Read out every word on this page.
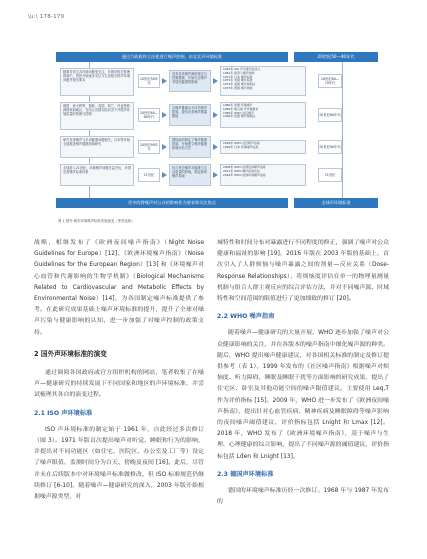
\u:\ 178-179
通过行政机构立法促进行噪声控制，东北北声环境标准	20世纪50—40年代
随着各类生态环境问题受关注，在城市相关管理领域中，居民开始逐步关注与生活相关的声环境问题并提出要求	20世纪50年代
各类各类噪声源的规定与控制措施，开始关注噪声对居民健康的影响
1952年 ISO 声学委员会成立
1961年 新西兰噪声控制
1971年 日本 噪声标准
1971年 英国 噪声标准
1972年 美国 噪声控制法
1973年 德国 噪声控制
20世纪60—70年代
德国、意大利等、瑞典、英国、荷兰、丹麦等欧洲国家和地区，在结合各国实际状况下开展声环境质量的管理与控制	20世纪60—80年代
以噪声暴露水平评估噪声影响，提出各类噪声暴露限值
1980年 欧盟 环境噪声
1984年 联合国 声环境要求
1989年 WHO 社区噪声
1990年 欧盟 噪声控制法	20世纪80年代
研究发现噪声与多项健康问题相关，日本等开始全面推进噪声健康影响研究	20世纪90年代
国际组织制定了噪声健康指南，开始建立噪声健康影响评估方法
1999年 WHO 社区噪声指南
1999年 日本 环境噪声标准	20世纪90年代
全球进入21世纪，环境噪声问题日益突出，多国完善噪声标准体系
21世纪
综合考虑噪声对健康与生活质量的影响，制定新的噪声指南
2009年 WHO 欧洲夜间噪声指南
2011年 WHO 噪声疾病负担
2018年 WHO 欧洲环境噪声指南	21世纪
更多的将噪声对公众的影响作为要求和关注焦点	全球声环境标准
图 1 国外·城市环境噪声标准发展演变（等效连续）

战略，相继发布了《欧洲夜间噪声指南》（Night Noise Guidelines for Europe）[12]、《欧洲环境噪声指南》（Noise Guidelines for the European Region）[13] 和《环境噪声对心血管和代谢影响的生物学机制》（Biological Mechanisms Related to Cardiovascular and Metabolic Effects by Environmental Noise）[14]，为各国制定噪声标准提供了参考。在此研究成果基础上噪声环境标准的提升，提升了全球对噪声污染与健康影响的认知，进一步加强了对噪声控制的政策支持。

2 国外声环境标准的演变

通过调阅各国政府或官方组织机构的网站，笔者收集了在噪声—健康研究的持续发展下不同国家和地区的声环境标准，并尝试梳理其各自的演变过程。

2.1 ISO 声环境标准

ISO 声环境标准的制定始于 1961 年，自此经过多次修订（图 3）。1971 年版首次提出噪声对听觉、睡眠和行为的影响，并提出对不同功能区（如住宅、医院区、办公室及工厂等）设定了噪声限值，监测时间分为白天、傍晚及夜间 [16]。此后，尽管并未在后续版本中对环境噪声标准做修改，但 ISO 标准规范仍继续修订 [6-10]。随着噪声—健康研究的深入，2003 年版开始根据噪声源类型，对

城特性和时间分布对暴露进行不同程度的修正，强调了噪声对公众健康和福祉的影响 [19]。2016 年版在 2003 年版的基础上，首次引入了人群烦恼与噪声暴露之间的剂量—反应关系（Dose-Response Relationships），将烦恼度评估在单一的物理量测量机制与组合人群主观反应的综合评估方法，并对不同噪声源、时域特性和空间范围的限值进行了更加细致的修订 [20]。

2.2 WHO 噪声指南

随着噪声—健康研究的大量开展，WHO 逐步加强了噪声对公众健康影响的关注，并在各版本的噪声指南中细化噪声源的种类。随后，WHO 提出噪声健康建议，对各国相关标准的制定及修订提供参考（表 1）。1999 年发布的《社区噪声指南》根据噪声对烦恼度、听力障碍、睡眠及睡眠干扰等方面影响的研究成果，提出了住宅区、卧室及其他功能空间的噪声限值建议。主要使用 Leq,T 作为评价指标 [15]。2009 年，WHO 进一步发布了《欧洲夜间噪声指南》，提出针对心血管疾病、精神疾病及睡眠障碍等噪声影响的夜间噪声阈值建议，评价指标包括 Lnight 和 Lmax [12]。2018 年，WHO 发布了《欧洲环境噪声指南》，基于噪声与生理、心理健康的综合影响，提出了不同噪声源的阈值建议，评价指标包括 Lden 和 Lnight [13]。

2.3 德国声环境标准

德国的环境噪声标准历经一次修订。1968 年与 1987 年发布的
